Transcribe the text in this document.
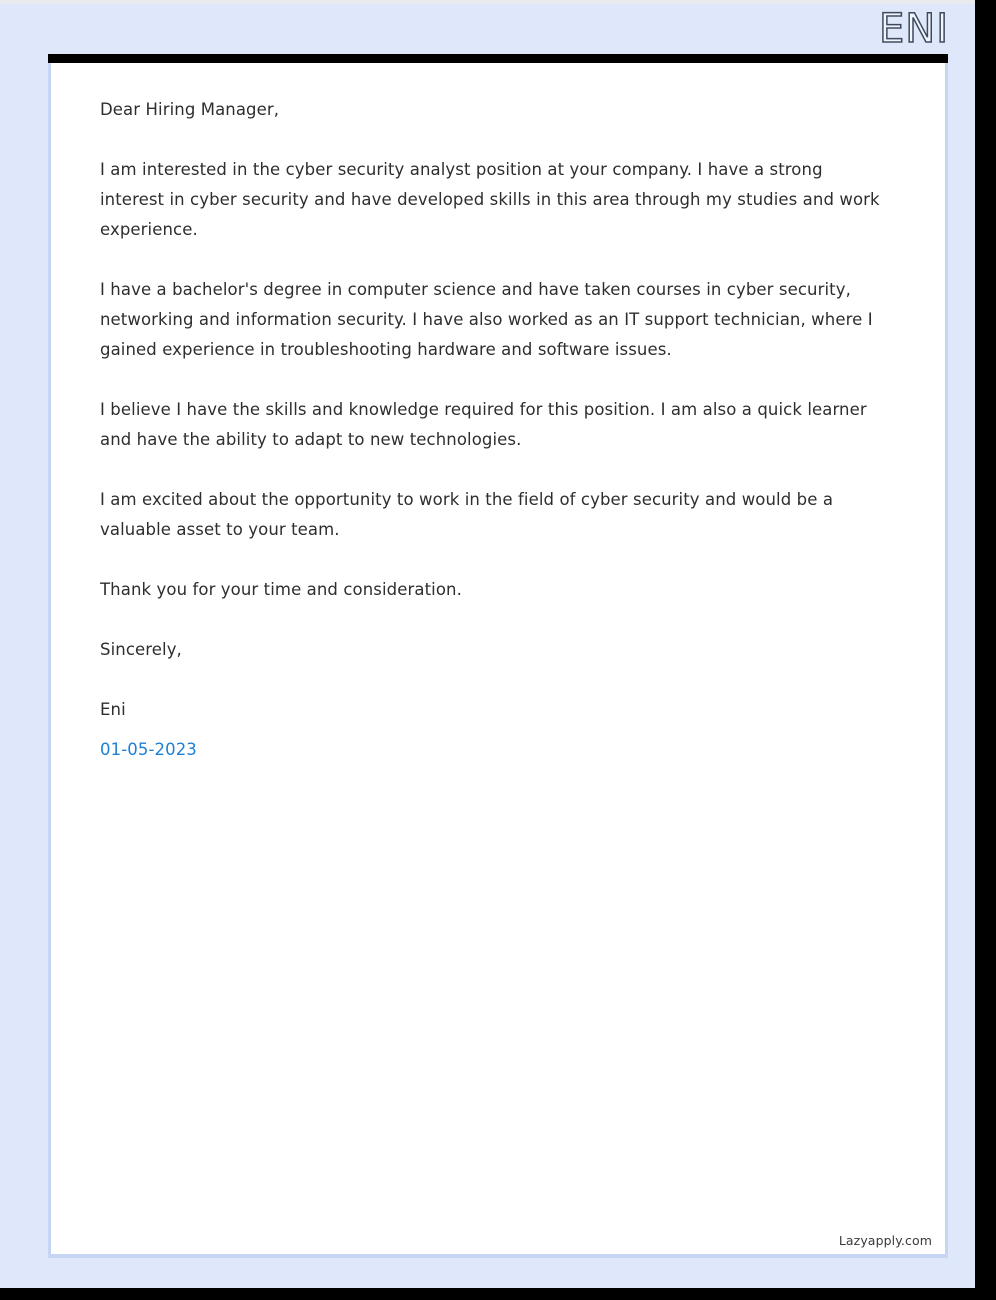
ENI

Dear Hiring Manager,

I am interested in the cyber security analyst position at your company. I have a strong interest in cyber security and have developed skills in this area through my studies and work experience.

I have a bachelor's degree in computer science and have taken courses in cyber security, networking and information security. I have also worked as an IT support technician, where I gained experience in troubleshooting hardware and software issues.

I believe I have the skills and knowledge required for this position. I am also a quick learner and have the ability to adapt to new technologies.

I am excited about the opportunity to work in the field of cyber security and would be a valuable asset to your team.

Thank you for your time and consideration.

Sincerely,

Eni

01-05-2023

Lazyapply.com
